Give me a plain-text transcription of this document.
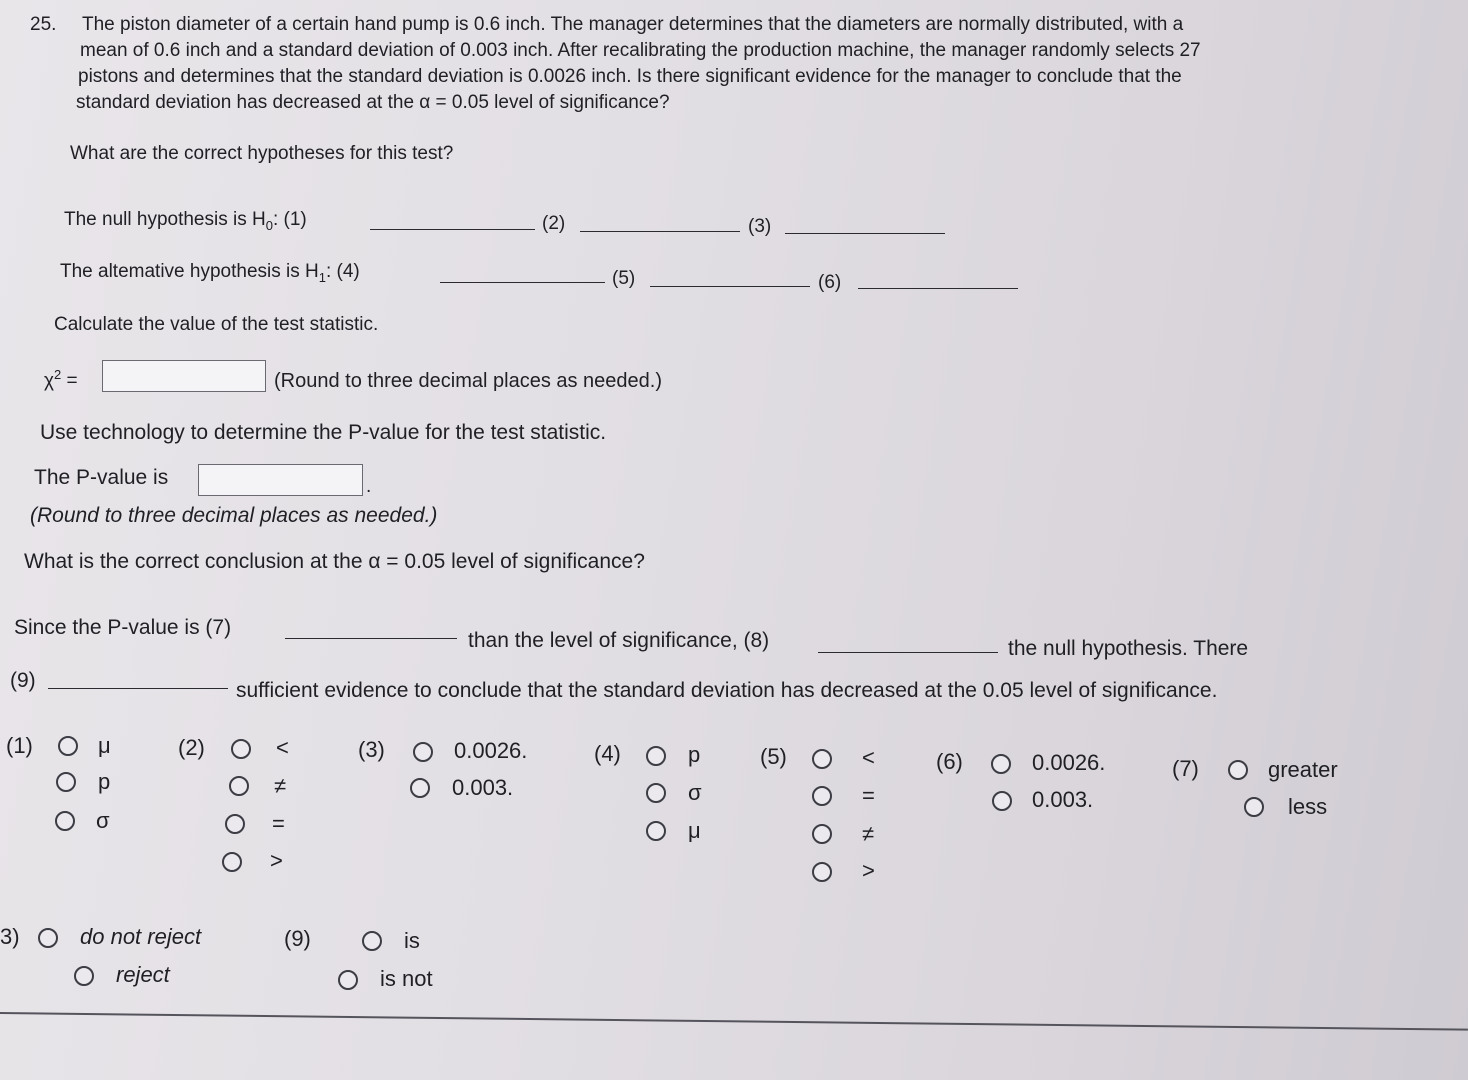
25. The piston diameter of a certain hand pump is 0.6 inch. The manager determines that the diameters are normally distributed, with a
mean of 0.6 inch and a standard deviation of 0.003 inch. After recalibrating the production machine, the manager randomly selects 27
pistons and determines that the standard deviation is 0.0026 inch. Is there significant evidence for the manager to conclude that the
standard deviation has decreased at the α = 0.05 level of significance?
What are the correct hypotheses for this test?
The null hypothesis is $H_0$: (1)	(2)	(3)
The altemative hypothesis is $H_1$: (4)	(5)	(6)
Calculate the value of the test statistic.
$\chi^2$ =	(Round to three decimal places as needed.)
Use technology to determine the P-value for the test statistic.
The P-value is	.
(Round to three decimal places as needed.)
What is the correct conclusion at the α = 0.05 level of significance?
Since the P-value is (7)
than the level of significance, (8)	the null hypothesis. There
(9)	sufficient evidence to conclude that the standard deviation has decreased at the 0.05 level of significance.
(1)	μ
p
σ
(2)	<
≠
=
>
(3)	0.0026.
0.003.
(4)	p
σ
μ
(5)	<
=
≠
>
(6)	0.0026.
0.003.
(7)	greater
less
3)	do not reject
reject
(9)	is
is not
